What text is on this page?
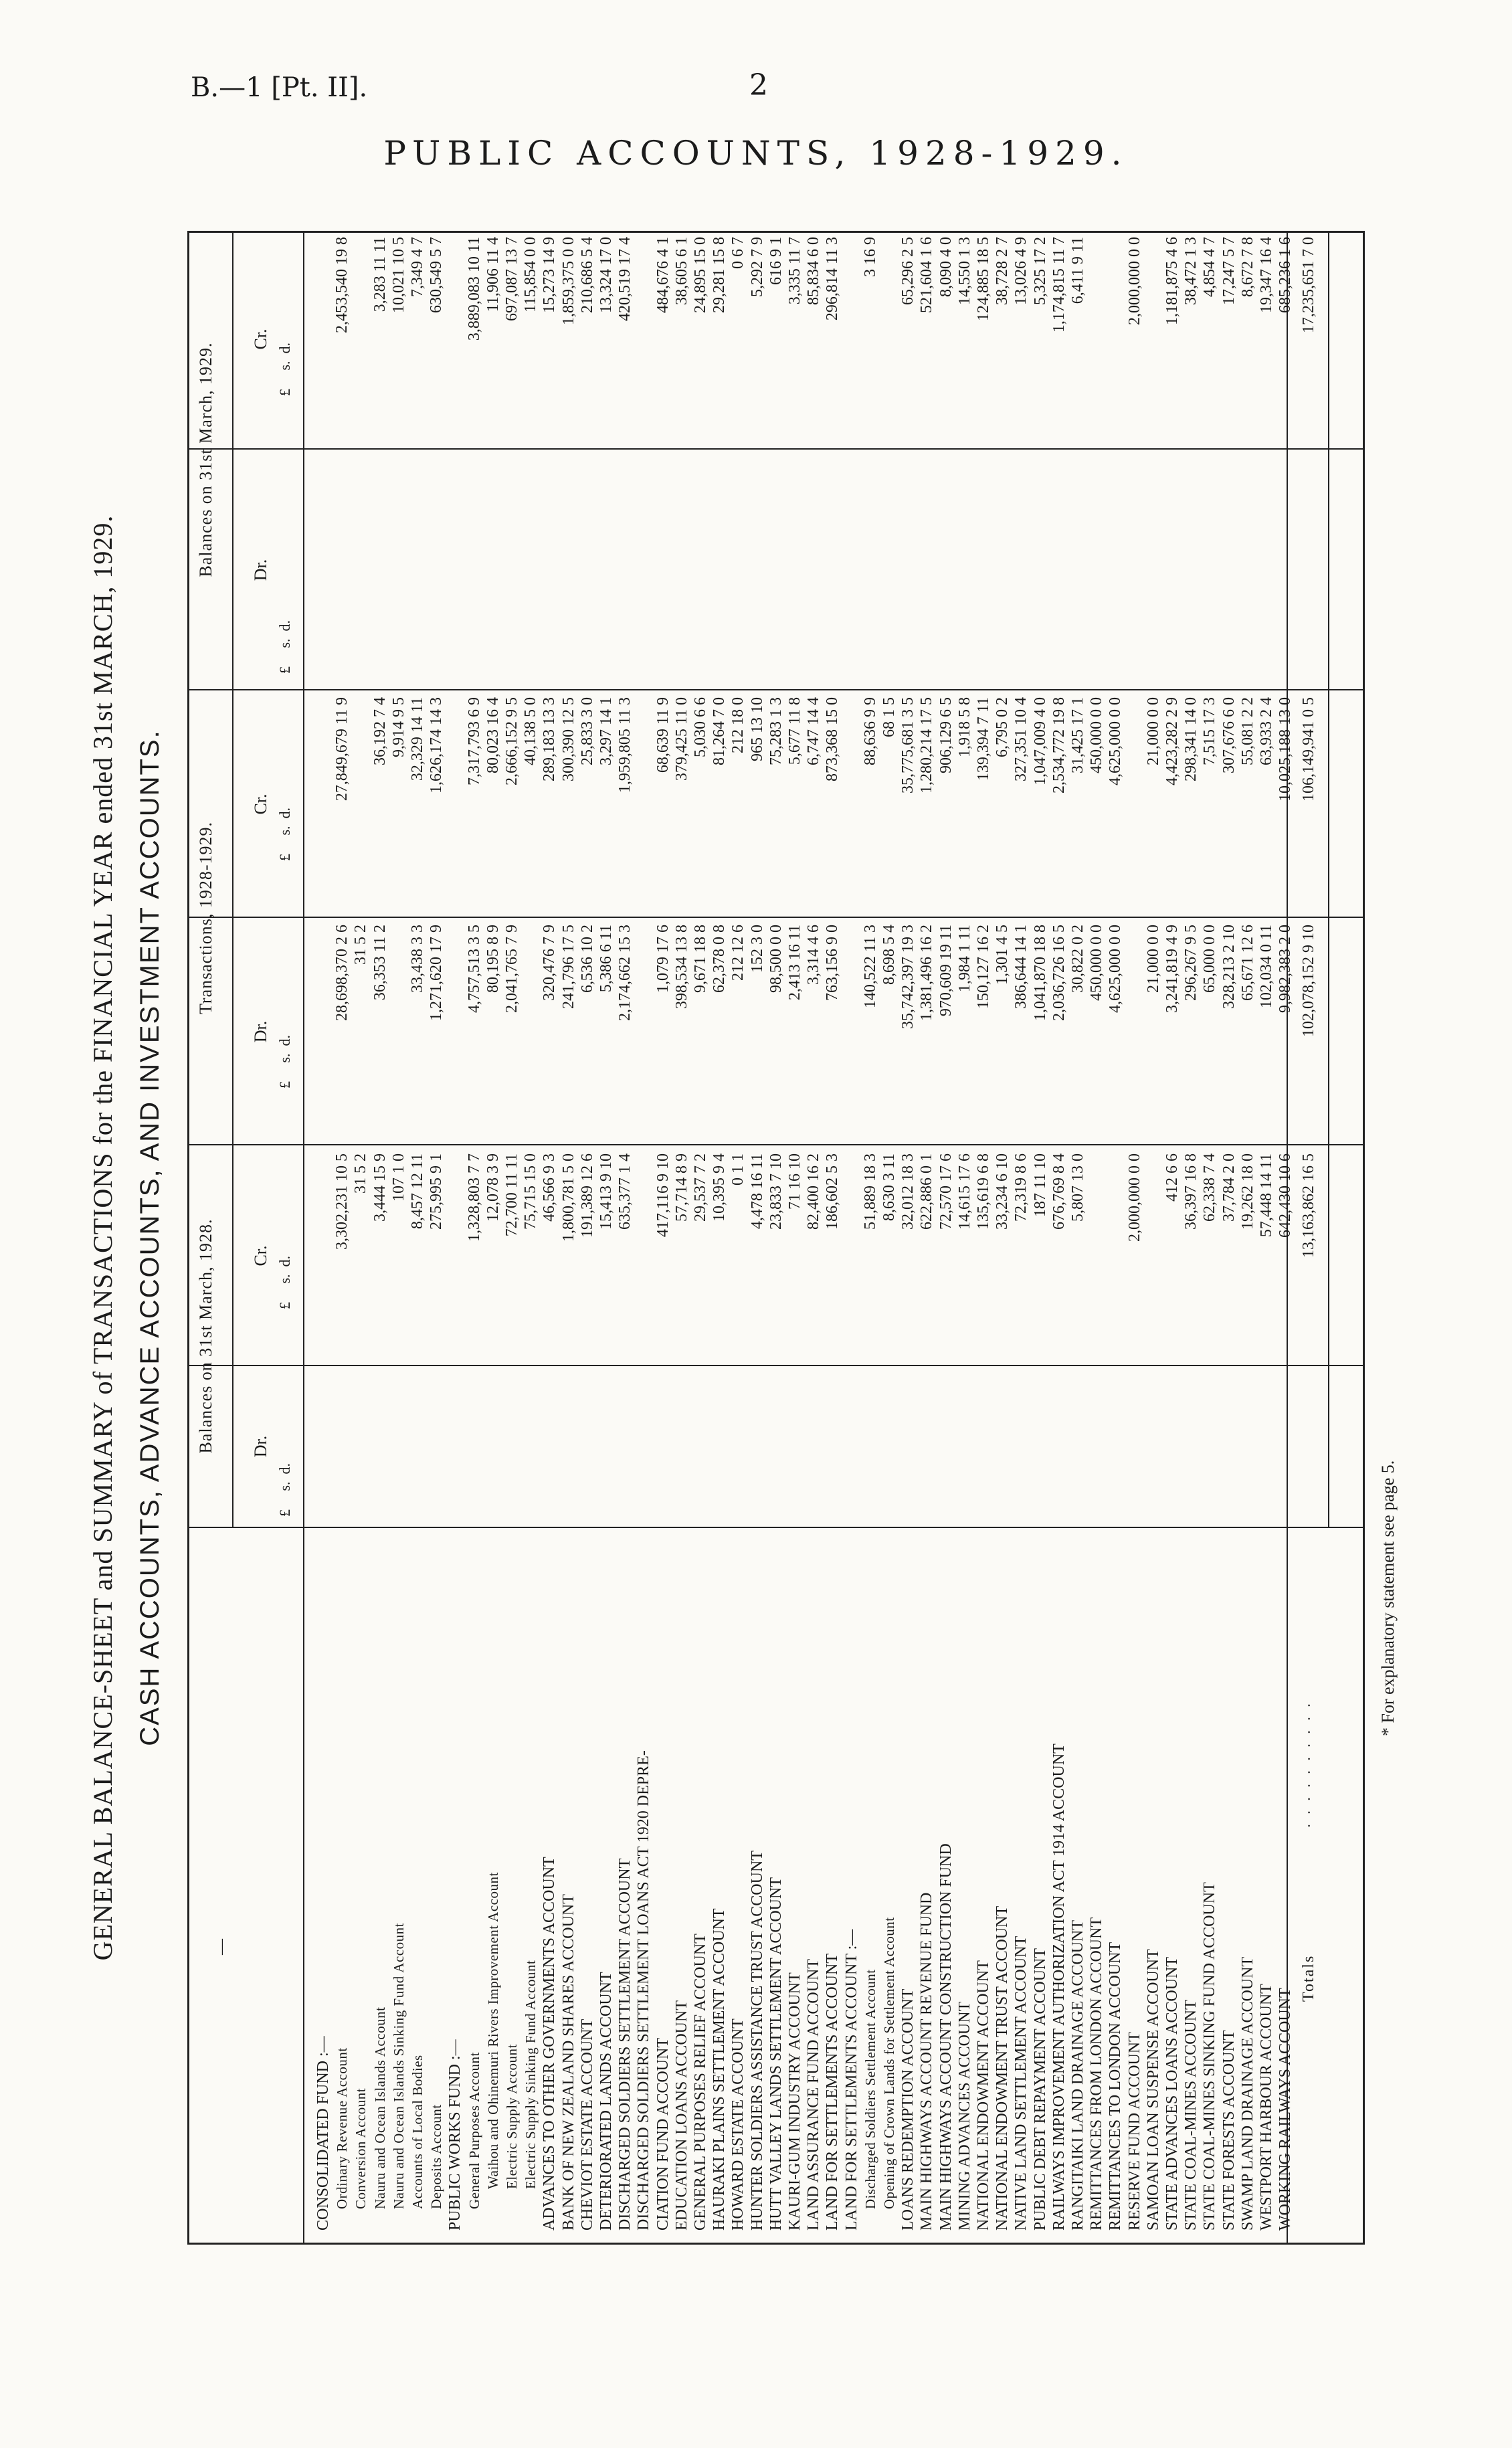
B.—1 [Pt. II].	2
PUBLIC ACCOUNTS, 1928-1929.
GENERAL BALANCE-SHEET and SUMMARY of TRANSACTIONS for the FINANCIAL YEAR ended 31st MARCH, 1929. CASH ACCOUNTS, ADVANCE ACCOUNTS, AND INVESTMENT ACCOUNTS. Balances on 31st March, 1928.
Transactions, 1928-1929.
Balances on 31st March, 1929.
Dr.
Cr.
Dr.
Cr.
Dr.
Cr.
£     s.  d.
£     s.  d.
£     s.  d.
£     s.  d.
£     s.  d.
£     s.  d.
—
CONSOLIDATED FUND :— Ordinary Revenue Account
3,302,231 10 5
28,698,370 2 6
27,849,679 11 9
2,453,540 19 8
Conversion Account
31 5 2
31 5 2
Nauru and Ocean Islands Account
3,444 15 9
36,353 11 2
36,192 7 4
3,283 11 11
Nauru and Ocean Islands Sinking Fund Account
107 1 0
9,914 9 5
10,021 10 5
Accounts of Local Bodies
8,457 12 11
33,438 3 3
32,329 14 11
7,349 4 7
Deposits Account
275,995 9 1
1,271,620 17 9
1,626,174 14 3
630,549 5 7
PUBLIC WORKS FUND :— General Purposes Account
1,328,803 7 7
4,757,513 3 5
7,317,793 6 9
3,889,083 10 11
Waihou and Ohinemuri Rivers Improvement Account
12,078 3 9
80,195 8 9
80,023 16 4
11,906 11 4
Electric Supply Account
72,700 11 11
2,041,765 7 9
2,666,152 9 5
697,087 13 7
Electric Supply Sinking Fund Account
75,715 15 0
40,138 5 0
115,854 0 0
ADVANCES TO OTHER GOVERNMENTS ACCOUNT
46,566 9 3
320,476 7 9
289,183 13 3
15,273 14 9
BANK OF NEW ZEALAND SHARES ACCOUNT
1,800,781 5 0
241,796 17 5
300,390 12 5
1,859,375 0 0
CHEVIOT ESTATE ACCOUNT
191,389 12 6
6,536 10 2
25,833 3 0
210,686 5 4
DETERIORATED LANDS ACCOUNT
15,413 9 10
5,386 6 11
3,297 14 1
13,324 17 0
DISCHARGED SOLDIERS SETTLEMENT ACCOUNT
635,377 1 4
2,174,662 15 3
1,959,805 11 3
420,519 17 4
DISCHARGED SOLDIERS SETTLEMENT LOANS ACT 1920 DEPRE- CIATION FUND ACCOUNT
417,116 9 10
1,079 17 6
68,639 11 9
484,676 4 1
EDUCATION LOANS ACCOUNT
57,714 8 9
398,534 13 8
379,425 11 0
38,605 6 1
GENERAL PURPOSES RELIEF ACCOUNT
29,537 7 2
9,671 18 8
5,030 6 6
24,895 15 0
HAURAKI PLAINS SETTLEMENT ACCOUNT
10,395 9 4
62,378 0 8
81,264 7 0
29,281 15 8
HOWARD ESTATE ACCOUNT
0 1 1
212 12 6
212 18 0
0 6 7
HUNTER SOLDIERS ASSISTANCE TRUST ACCOUNT
4,478 16 11
152 3 0
965 13 10
5,292 7 9
HUTT VALLEY LANDS SETTLEMENT ACCOUNT
23,833 7 10
98,500 0 0
75,283 1 3
616 9 1
KAURI-GUM INDUSTRY ACCOUNT
71 16 10
2,413 16 11
5,677 11 8
3,335 11 7
LAND ASSURANCE FUND ACCOUNT
82,400 16 2
3,314 4 6
6,747 14 4
85,834 6 0
LAND FOR SETTLEMENTS ACCOUNT
186,602 5 3
763,156 9 0
873,368 15 0
296,814 11 3
LAND FOR SETTLEMENTS ACCOUNT :— Discharged Soldiers Settlement Account
51,889 18 3
140,522 11 3
88,636 9 9
3 16 9
Opening of Crown Lands for Settlement Account
8,630 3 11
8,698 5 4
68 1 5
LOANS REDEMPTION ACCOUNT
32,012 18 3
35,742,397 19 3
35,775,681 3 5
65,296 2 5
MAIN HIGHWAYS ACCOUNT REVENUE FUND
622,886 0 1
1,381,496 16 2
1,280,214 17 5
521,604 1 6
MAIN HIGHWAYS ACCOUNT CONSTRUCTION FUND
72,570 17 6
970,609 19 11
906,129 6 5
8,090 4 0
MINING ADVANCES ACCOUNT
14,615 17 6
1,984 1 11
1,918 5 8
14,550 1 3
NATIONAL ENDOWMENT ACCOUNT
135,619 6 8
150,127 16 2
139,394 7 11
124,885 18 5
NATIONAL ENDOWMENT TRUST ACCOUNT
33,234 6 10
1,301 4 5
6,795 0 2
38,728 2 7
NATIVE LAND SETTLEMENT ACCOUNT
72,319 8 6
386,644 14 1
327,351 10 4
13,026 4 9
PUBLIC DEBT REPAYMENT ACCOUNT
187 11 10
1,041,870 18 8
1,047,009 4 0
5,325 17 2
RAILWAYS IMPROVEMENT AUTHORIZATION ACT 1914 ACCOUNT
676,769 8 4
2,036,726 16 5
2,534,772 19 8
1,174,815 11 7
RANGITAIKI LAND DRAINAGE ACCOUNT
5,807 13 0
30,822 0 2
31,425 17 1
6,411 9 11
REMITTANCES FROM LONDON ACCOUNT
450,000 0 0
450,000 0 0
REMITTANCES TO LONDON ACCOUNT
4,625,000 0 0
4,625,000 0 0
RESERVE FUND ACCOUNT
2,000,000 0 0
2,000,000 0 0
SAMOAN LOAN SUSPENSE ACCOUNT
21,000 0 0
21,000 0 0
STATE ADVANCES LOANS ACCOUNT
412 6 6
3,241,819 4 9
4,423,282 2 9
1,181,875 4 6
STATE COAL-MINES ACCOUNT
36,397 16 8
296,267 9 5
298,341 14 0
38,472 1 3
STATE COAL-MINES SINKING FUND ACCOUNT
62,338 7 4
65,000 0 0
7,515 17 3
4,854 4 7
STATE FORESTS ACCOUNT
37,784 2 0
328,213 2 10
307,676 6 0
17,247 5 7
SWAMP LAND DRAINAGE ACCOUNT
19,262 18 0
65,671 12 6
55,081 2 2
8,672 7 8
WESTPORT HARBOUR ACCOUNT
57,448 14 11
102,034 0 11
63,933 2 4
19,347 16 4
WORKING RAILWAYS ACCOUNT
642,430 10 6
9,982,383 2 0
10,025,188 13 0
685,236 1 6
Totals
. . . . . . . . . .
13,163,862 16 5
102,078,152 9 10
106,149,941 0 5
17,235,651 7 0
* For explanatory statement see page 5.
